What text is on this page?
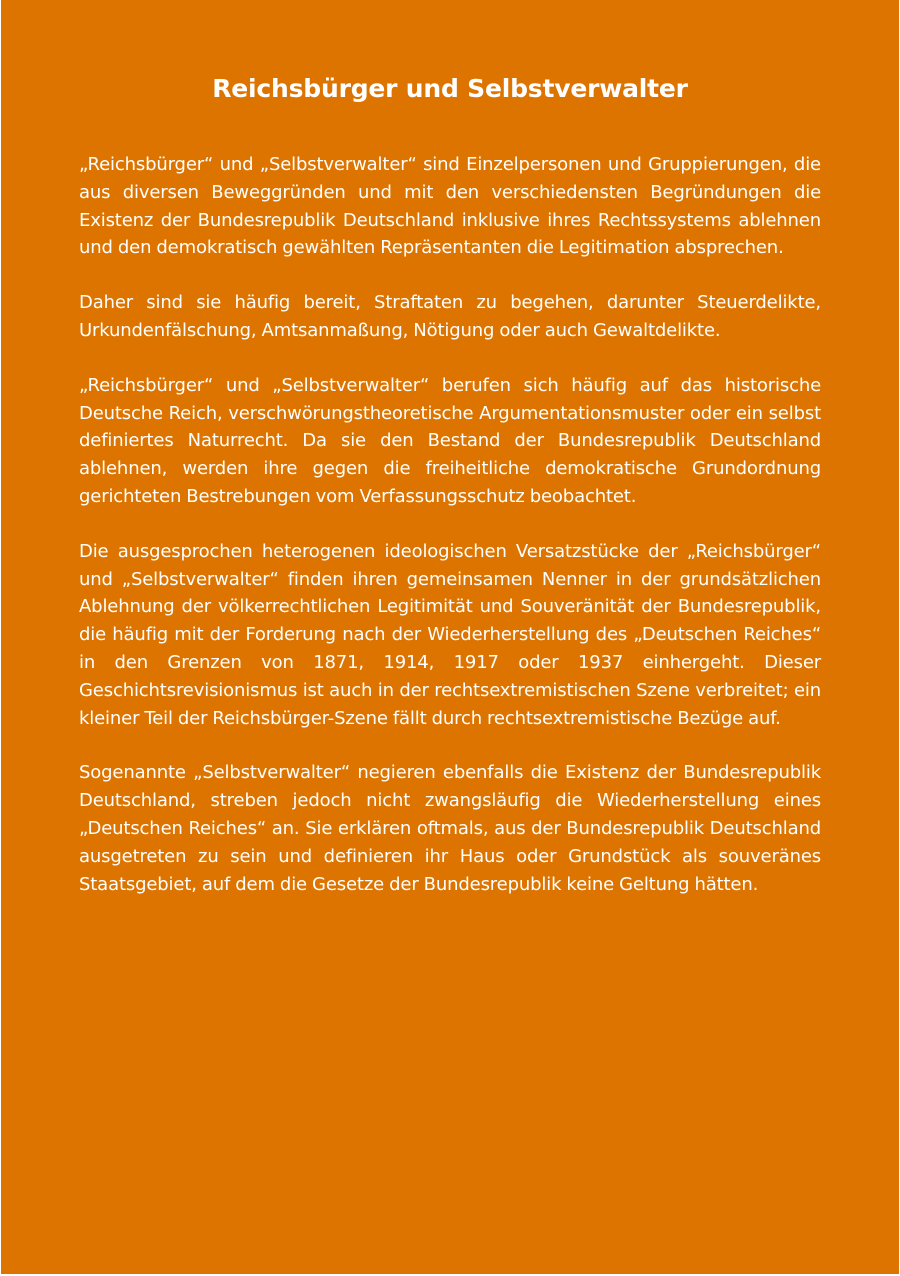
Reichsbürger und Selbstverwalter

„Reichsbürger“ und „Selbstverwalter“ sind Einzelpersonen und Gruppierungen, die aus diversen Beweggründen und mit den verschiedensten Begründungen die Existenz der Bundesrepublik Deutschland inklusive ihres Rechtssystems ablehnen und den demokratisch gewählten Repräsentanten die Legitimation absprechen.

Daher sind sie häufig bereit, Straftaten zu begehen, darunter Steuerdelikte, Urkundenfälschung, Amtsanmaßung, Nötigung oder auch Gewaltdelikte.

„Reichsbürger“ und „Selbstverwalter“ berufen sich häufig auf das historische Deutsche Reich, verschwörungstheoretische Argumentationsmuster oder ein selbst definiertes Naturrecht. Da sie den Bestand der Bundesrepublik Deutschland ablehnen, werden ihre gegen die freiheitliche demokratische Grundordnung gerichteten Bestrebungen vom Verfassungsschutz beobachtet.

Die ausgesprochen heterogenen ideologischen Versatzstücke der „Reichsbürger“ und „Selbstverwalter“ finden ihren gemeinsamen Nenner in der grundsätzlichen Ablehnung der völkerrechtlichen Legitimität und Souveränität der Bundesrepublik, die häufig mit der Forderung nach der Wiederherstellung des „Deutschen Reiches“ in den Grenzen von 1871, 1914, 1917 oder 1937 einhergeht. Dieser Geschichtsrevisionismus ist auch in der rechtsextremistischen Szene verbreitet; ein kleiner Teil der Reichsbürger-Szene fällt durch rechtsextremistische Bezüge auf.

Sogenannte „Selbstverwalter“ negieren ebenfalls die Existenz der Bundesrepublik Deutschland, streben jedoch nicht zwangsläufig die Wiederherstellung eines „Deutschen Reiches“ an. Sie erklären oftmals, aus der Bundesrepublik Deutschland ausgetreten zu sein und definieren ihr Haus oder Grundstück als souveränes Staatsgebiet, auf dem die Gesetze der Bundesrepublik keine Geltung hätten.
